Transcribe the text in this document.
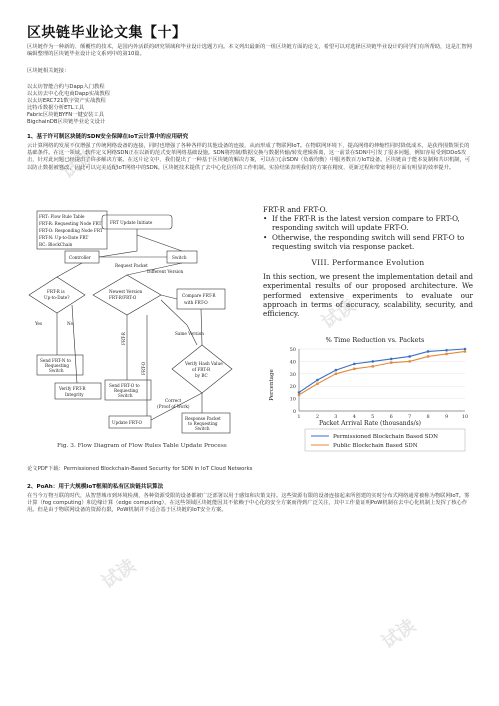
试读
试读
试读
试读
区块链毕业论文集【十】
区块链作为一种新的、颠覆性的技术，是国内外活跃的研究领域和毕业设计选题方向。本文列出最新的一组区块链方面的论文，希望可以对选择区块链毕业设计的同学们有所帮助，这是汇智网编辑整理的区块链毕业设计论文系列中的第10篇。
区块链相关链接：
以太坊智能合约与Dapp入门教程
以太坊去中心化电商Dapp实战教程
以太坊ERC721数字资产实战教程
比特币数据分析ETL工具
Fabric区块链BYFN一键安装工具
BigchainDB区块链毕业论文设计
1、基于许可制区块链的SDN安全保障在IoT云计算中的应用研究
云计算网络的发展不仅增强了传统网络设备的连接，同时也增强了各种各样的其他设备的连接，从而形成了物联网IoT。在物联网环境下，提高网络的伸缩性同时降低成本，是获得围数领长的基础条件。在这一领域，软件定义网络SDN正在以新的范式变革网络基础设施。SDN将控制/数据交换与数据传输/转发逻辑拆离，这一前景在SDN中引发了很多问题，例如容易受到DDoS攻击，针对此问题已经提出了许多解决方案。在这片论文中，我们提出了一种基于区块链的解决方案，可以在冗余SDN（负载均衡）中服务数百万IoT设备。区块链由于能本复制和共识机制，可以防止数据被篡改，因此可以完美适配IoT网络中的SDN。区块链技术提供了去中心化信任的工作机制。实验结果表明我们的方案在精度、更新过程和带宽利用方面有明显的效率提升。
FRT: Flow Rule Table
FRT-R: Requesting Node FRT
FRT-O: Responding Node FRT
FRT-N: Up-to-Date FRT
BC: BlockChain
FRT Update Initiate
Controller	Switch
Request Packet
FRT-R is
Up-to-Date?
Yes	No
Newest Version
FRT-R/FRT-O	Compare FRT-R
with FRT-O
Different Version
Same Version
Send FRT-N to
Requesting
Switch
Verify FRT-R
Integrity
Send FRT-O to
Requesting
Switch
Verify Hash Value
of FRT-R
by BC
Correct
(Proof of Work)
Update FRT-O
Response Packet
to Requesting
Switch
FRT-R
FRT-O
Fig. 3. Flow Diagram of Flow Rules Table Update Process
FRT-R and FRT-O.
• If the FRT-R is the latest version compare to FRT-O, responding switch will update FRT-O.
• Otherwise, the responding switch will send FRT-O to requesting switch via response packet.
VIII. Performance Evolution
In this section, we present the implementation detail and experimental results of our proposed architecture. We performed extensive experiments to evaluate our approach in terms of accuracy, scalability, security, and efficiency.
% Time Reduction vs. Packets
0
10
20
30
40
50
1	2	3	4	5	6	7	8	9	10
Packet Arrival Rate (thousands/s)
Percentage
Permissioned Blockchain Based SDN
Public Blockchain Based SDN
论文PDF下载：Permissioned Blockchain-Based Security for SDN in IoT Cloud Networks
2、PoAh：用于大规模IoT框架的私有区块链共识算法
在当今万物互联的时代，从智慧城市到环境检测，各种资源受限的设备都被广泛部署以用于感知和决策支持。这些资源有限的设备连接起来所创建的实时分布式网络通常被称为物联网IoT。雾计算（fog computing）和边缘计算（edge computing），在这些领域区块链能因其不依赖于中心化的安全方案而得到广泛关注，其中工作量证明PoW机制在去中心化机制上发挥了核心作用。但是由于物联网设备的资源有限，PoW机制并不适合基于区块链的IoT安全方案。
